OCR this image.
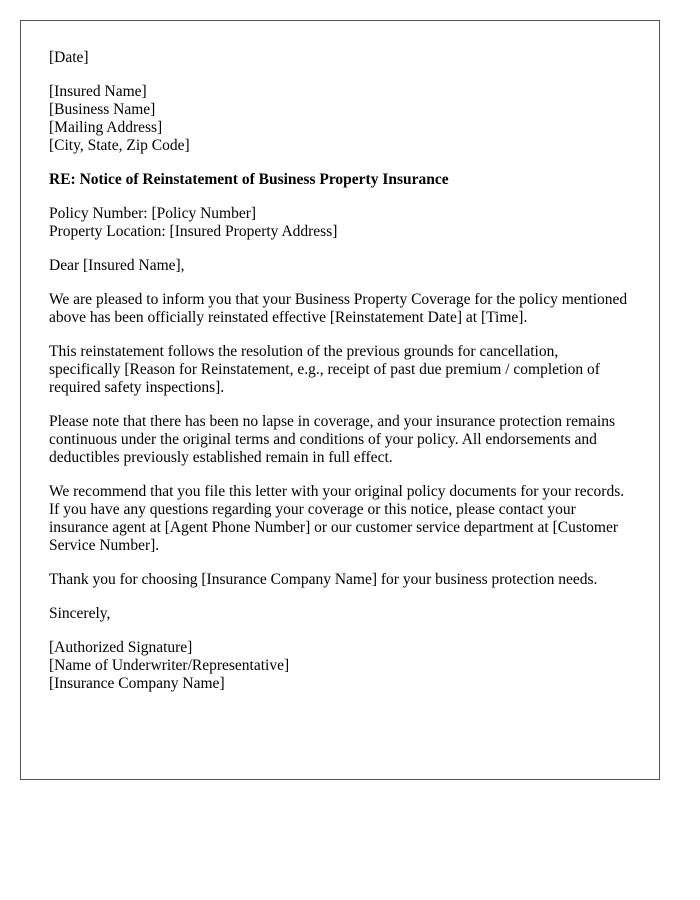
[Date]

[Insured Name]
[Business Name]
[Mailing Address]
[City, State, Zip Code]

RE: Notice of Reinstatement of Business Property Insurance

Policy Number: [Policy Number]
Property Location: [Insured Property Address]

Dear [Insured Name],

We are pleased to inform you that your Business Property Coverage for the policy mentioned above has been officially reinstated effective [Reinstatement Date] at [Time].

This reinstatement follows the resolution of the previous grounds for cancellation, specifically [Reason for Reinstatement, e.g., receipt of past due premium / completion of required safety inspections].

Please note that there has been no lapse in coverage, and your insurance protection remains continuous under the original terms and conditions of your policy. All endorsements and deductibles previously established remain in full effect.

We recommend that you file this letter with your original policy documents for your records. If you have any questions regarding your coverage or this notice, please contact your insurance agent at [Agent Phone Number] or our customer service department at [Customer Service Number].

Thank you for choosing [Insurance Company Name] for your business protection needs.

Sincerely,

[Authorized Signature]
[Name of Underwriter/Representative]
[Insurance Company Name]
